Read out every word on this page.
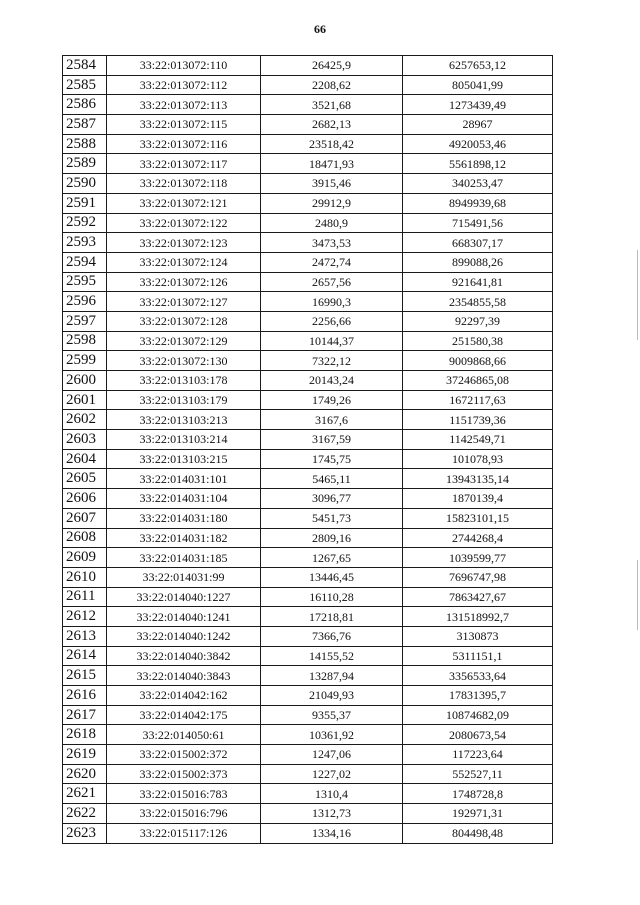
66
2584	33:22:013072:110	26425,9	6257653,12
2585	33:22:013072:112	2208,62	805041,99
2586	33:22:013072:113	3521,68	1273439,49
2587	33:22:013072:115	2682,13	28967
2588	33:22:013072:116	23518,42	4920053,46
2589	33:22:013072:117	18471,93	5561898,12
2590	33:22:013072:118	3915,46	340253,47
2591	33:22:013072:121	29912,9	8949939,68
2592	33:22:013072:122	2480,9	715491,56
2593	33:22:013072:123	3473,53	668307,17
2594	33:22:013072:124	2472,74	899088,26
2595	33:22:013072:126	2657,56	921641,81
2596	33:22:013072:127	16990,3	2354855,58
2597	33:22:013072:128	2256,66	92297,39
2598	33:22:013072:129	10144,37	251580,38
2599	33:22:013072:130	7322,12	9009868,66
2600	33:22:013103:178	20143,24	37246865,08
2601	33:22:013103:179	1749,26	1672117,63
2602	33:22:013103:213	3167,6	1151739,36
2603	33:22:013103:214	3167,59	1142549,71
2604	33:22:013103:215	1745,75	101078,93
2605	33:22:014031:101	5465,11	13943135,14
2606	33:22:014031:104	3096,77	1870139,4
2607	33:22:014031:180	5451,73	15823101,15
2608	33:22:014031:182	2809,16	2744268,4
2609	33:22:014031:185	1267,65	1039599,77
2610	33:22:014031:99	13446,45	7696747,98
2611	33:22:014040:1227	16110,28	7863427,67
2612	33:22:014040:1241	17218,81	131518992,7
2613	33:22:014040:1242	7366,76	3130873
2614	33:22:014040:3842	14155,52	5311151,1
2615	33:22:014040:3843	13287,94	3356533,64
2616	33:22:014042:162	21049,93	17831395,7
2617	33:22:014042:175	9355,37	10874682,09
2618	33:22:014050:61	10361,92	2080673,54
2619	33:22:015002:372	1247,06	117223,64
2620	33:22:015002:373	1227,02	552527,11
2621	33:22:015016:783	1310,4	1748728,8
2622	33:22:015016:796	1312,73	192971,31
2623	33:22:015117:126	1334,16	804498,48
